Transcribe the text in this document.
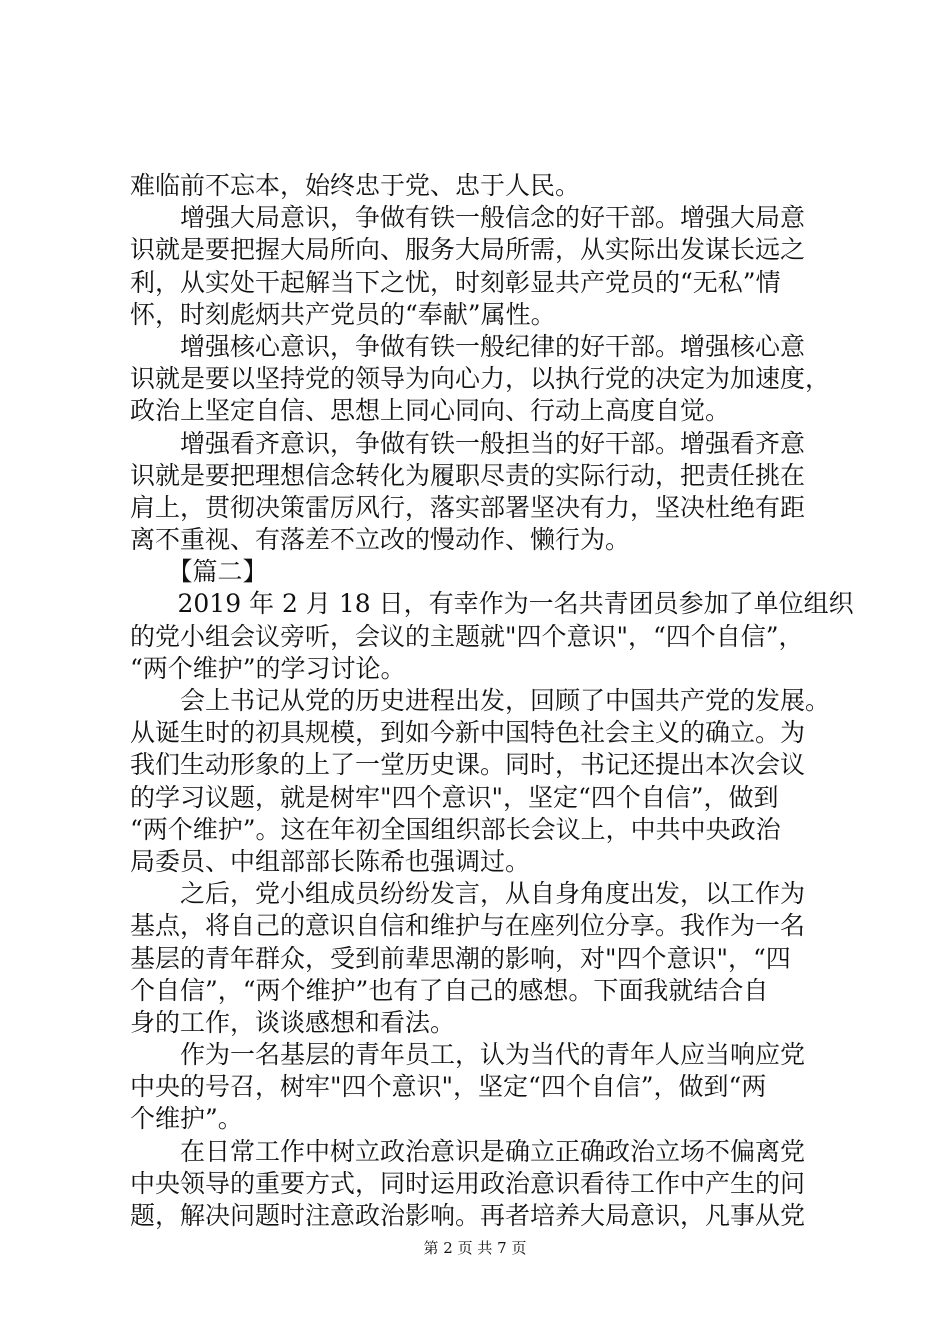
难临前不忘本，始终忠于党、忠于人民。
增强大局意识，争做有铁一般信念的好干部。增强大局意
识就是要把握大局所向、服务大局所需，从实际出发谋长远之
利，从实处干起解当下之忧，时刻彰显共产党员的“无私”情
怀，时刻彪炳共产党员的“奉献”属性。
增强核心意识，争做有铁一般纪律的好干部。增强核心意
识就是要以坚持党的领导为向心力，以执行党的决定为加速度，
政治上坚定自信、思想上同心同向、行动上高度自觉。
增强看齐意识，争做有铁一般担当的好干部。增强看齐意
识就是要把理想信念转化为履职尽责的实际行动，把责任挑在
肩上，贯彻决策雷厉风行，落实部署坚决有力，坚决杜绝有距
离不重视、有落差不立改的慢动作、懒行为。
【篇二】
2019 年 2 月 18 日，有幸作为一名共青团员参加了单位组织
的党小组会议旁听，会议的主题就"四个意识"，“四个自信”，
“两个维护”的学习讨论。
会上书记从党的历史进程出发，回顾了中国共产党的发展。
从诞生时的初具规模，到如今新中国特色社会主义的确立。为
我们生动形象的上了一堂历史课。同时，书记还提出本次会议
的学习议题，就是树牢"四个意识"，坚定“四个自信”，做到
“两个维护”。这在年初全国组织部长会议上，中共中央政治
局委员、中组部部长陈希也强调过。
之后，党小组成员纷纷发言，从自身角度出发，以工作为
基点，将自己的意识自信和维护与在座列位分享。我作为一名
基层的青年群众，受到前辈思潮的影响，对"四个意识"，“四
个自信”，“两个维护”也有了自己的感想。下面我就结合自
身的工作，谈谈感想和看法。
作为一名基层的青年员工，认为当代的青年人应当响应党
中央的号召，树牢"四个意识"，坚定“四个自信”，做到“两
个维护”。
在日常工作中树立政治意识是确立正确政治立场不偏离党
中央领导的重要方式，同时运用政治意识看待工作中产生的问
题，解决问题时注意政治影响。再者培养大局意识，凡事从党
第 2 页 共 7 页
